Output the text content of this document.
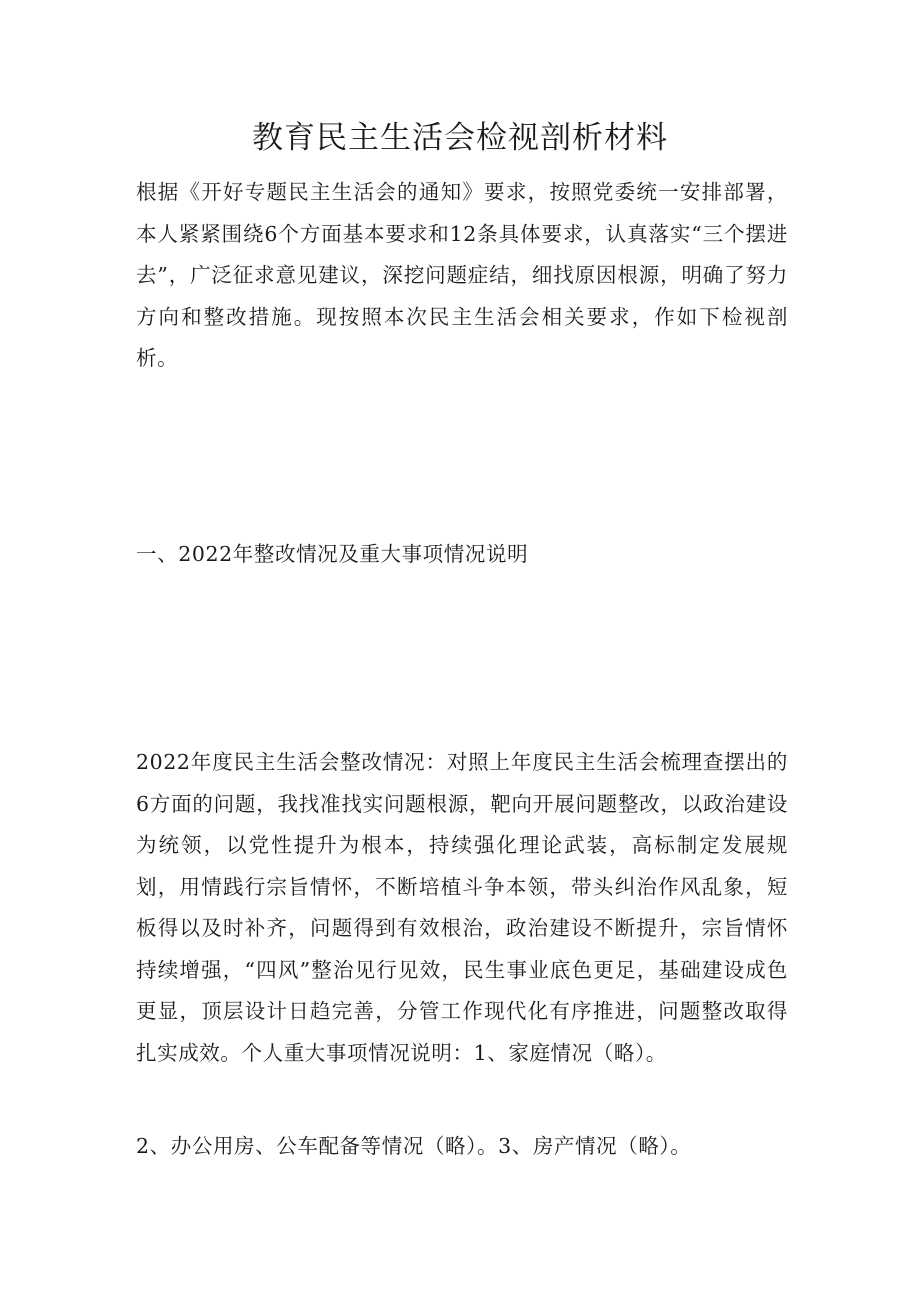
教育民主生活会检视剖析材料

根据《开好专题民主生活会的通知》要求，按照党委统一安排部署，本人紧紧围绕6个方面基本要求和12条具体要求，认真落实“三个摆进去”，广泛征求意见建议，深挖问题症结，细找原因根源，明确了努力方向和整改措施。现按照本次民主生活会相关要求，作如下检视剖析。

一、2022年整改情况及重大事项情况说明

2022年度民主生活会整改情况：对照上年度民主生活会梳理查摆出的6方面的问题，我找准找实问题根源，靶向开展问题整改，以政治建设为统领，以党性提升为根本，持续强化理论武装，高标制定发展规划，用情践行宗旨情怀，不断培植斗争本领，带头纠治作风乱象，短板得以及时补齐，问题得到有效根治，政治建设不断提升，宗旨情怀持续增强，“四风”整治见行见效，民生事业底色更足，基础建设成色更显，顶层设计日趋完善，分管工作现代化有序推进，问题整改取得扎实成效。个人重大事项情况说明：1、家庭情况（略）。

2、办公用房、公车配备等情况（略）。3、房产情况（略）。
